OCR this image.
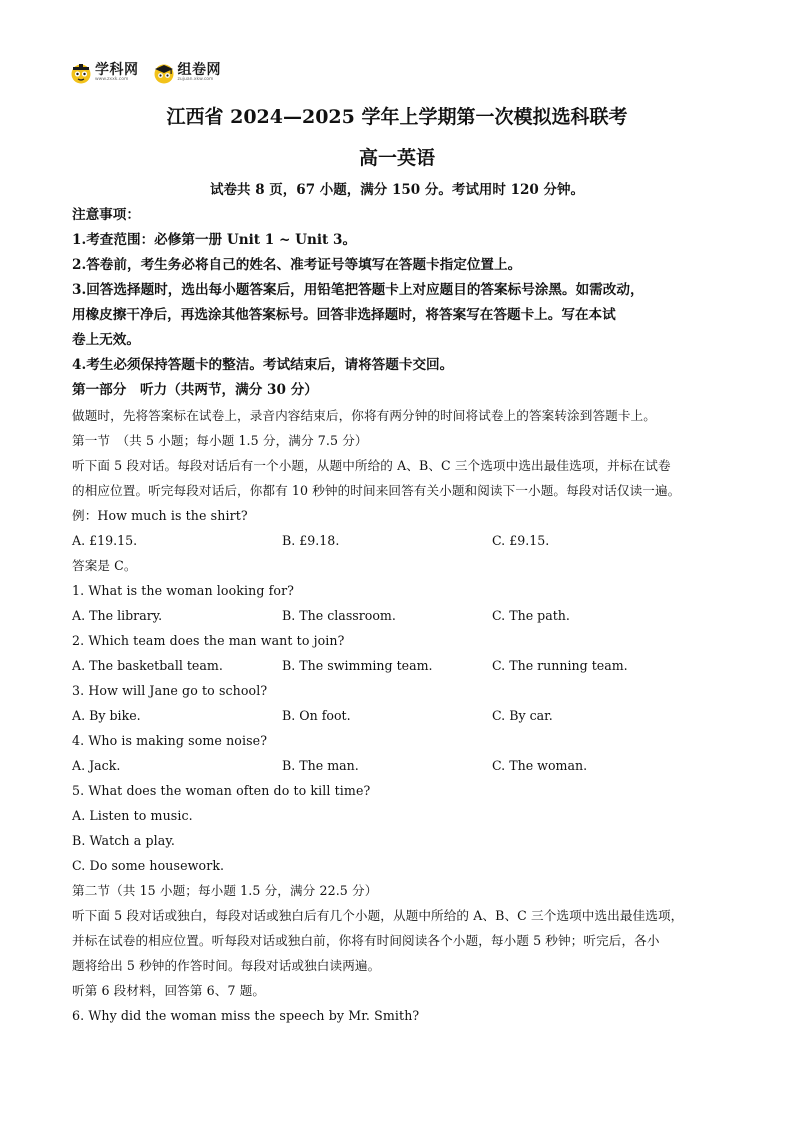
学科网
www.zxxk.com
组卷网
zujuan.xkw.com
江西省 2024—2025 学年上学期第一次模拟选科联考
高一英语
试卷共 8 页，67 小题，满分 150 分。考试用时 120 分钟。
注意事项：
1.考查范围：必修第一册 Unit 1 ~ Unit 3。
2.答卷前，考生务必将自己的姓名、准考证号等填写在答题卡指定位置上。
3.回答选择题时，选出每小题答案后，用铅笔把答题卡上对应题目的答案标号涂黑。如需改动，
用橡皮擦干净后，再选涂其他答案标号。回答非选择题时，将答案写在答题卡上。写在本试
卷上无效。
4.考生必须保持答题卡的整洁。考试结束后，请将答题卡交回。
第一部分　听力（共两节，满分 30 分）
做题时，先将答案标在试卷上，录音内容结束后，你将有两分钟的时间将试卷上的答案转涂到答题卡上。
第一节　（共 5 小题；每小题 1.5 分，满分 7.5 分）
听下面 5 段对话。每段对话后有一个小题，从题中所给的 A、B、C 三个选项中选出最佳选项，并标在试卷
的相应位置。听完每段对话后，你都有 10 秒钟的时间来回答有关小题和阅读下一小题。每段对话仅读一遍。
例：How much is the shirt?
A. £19.15.	B. £9.18.	C. £9.15.
答案是 C。
1. What is the woman looking for?
A. The library.	B. The classroom.	C. The path.
2. Which team does the man want to join?
A. The basketball team.	B. The swimming team.	C. The running team.
3. How will Jane go to school?
A. By bike.	B. On foot.	C. By car.
4. Who is making some noise?
A. Jack.	B. The man.	C. The woman.
5. What does the woman often do to kill time?
A. Listen to music.
B. Watch a play.
C. Do some housework.
第二节（共 15 小题；每小题 1.5 分，满分 22.5 分）
听下面 5 段对话或独白，每段对话或独白后有几个小题，从题中所给的 A、B、C 三个选项中选出最佳选项，
并标在试卷的相应位置。听每段对话或独白前，你将有时间阅读各个小题，每小题 5 秒钟；听完后，各小
题将给出 5 秒钟的作答时间。每段对话或独白读两遍。
听第 6 段材料，回答第 6、7 题。
6. Why did the woman miss the speech by Mr. Smith?
